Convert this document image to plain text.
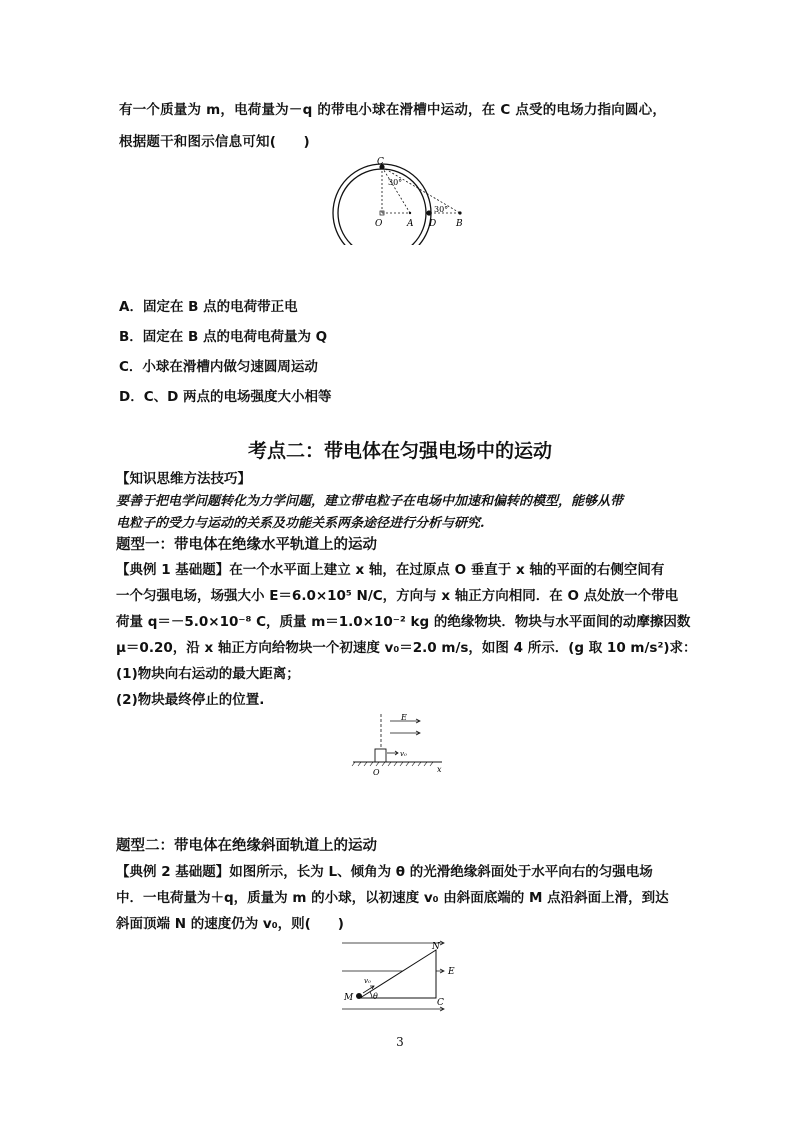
有一个质量为 m，电荷量为－q 的带电小球在滑槽中运动，在 C 点受的电场力指向圆心，
根据题干和图示信息可知(　　)
C
30°
30°
O	A D B
A．固定在 B 点的电荷带正电
B．固定在 B 点的电荷电荷量为 Q
C．小球在滑槽内做匀速圆周运动
D．C、D 两点的电场强度大小相等
考点二：带电体在匀强电场中的运动
【知识思维方法技巧】
要善于把电学问题转化为力学问题，建立带电粒子在电场中加速和偏转的模型，能够从带
电粒子的受力与运动的关系及功能关系两条途径进行分析与研究.
题型一：带电体在绝缘水平轨道上的运动
【典例 1 基础题】在一个水平面上建立 x 轴，在过原点 O 垂直于 x 轴的平面的右侧空间有
一个匀强电场，场强大小 E＝6.0×10⁵ N/C，方向与 x 轴正方向相同．在 O 点处放一个带电
荷量 q＝－5.0×10⁻⁸ C，质量 m＝1.0×10⁻² kg 的绝缘物块．物块与水平面间的动摩擦因数
μ＝0.20，沿 x 轴正方向给物块一个初速度 v₀＝2.0 m/s，如图 4 所示．(g 取 10 m/s²)求：
(1)物块向右运动的最大距离；
(2)物块最终停止的位置.
E
v₀
O	x
题型二：带电体在绝缘斜面轨道上的运动
【典例 2 基础题】如图所示，长为 L、倾角为 θ 的光滑绝缘斜面处于水平向右的匀强电场
中．一电荷量为＋q，质量为 m 的小球，以初速度 v₀ 由斜面底端的 M 点沿斜面上滑，到达
斜面顶端 N 的速度仍为 v₀，则(　　)
N
E
v₀
M θ
C
3
